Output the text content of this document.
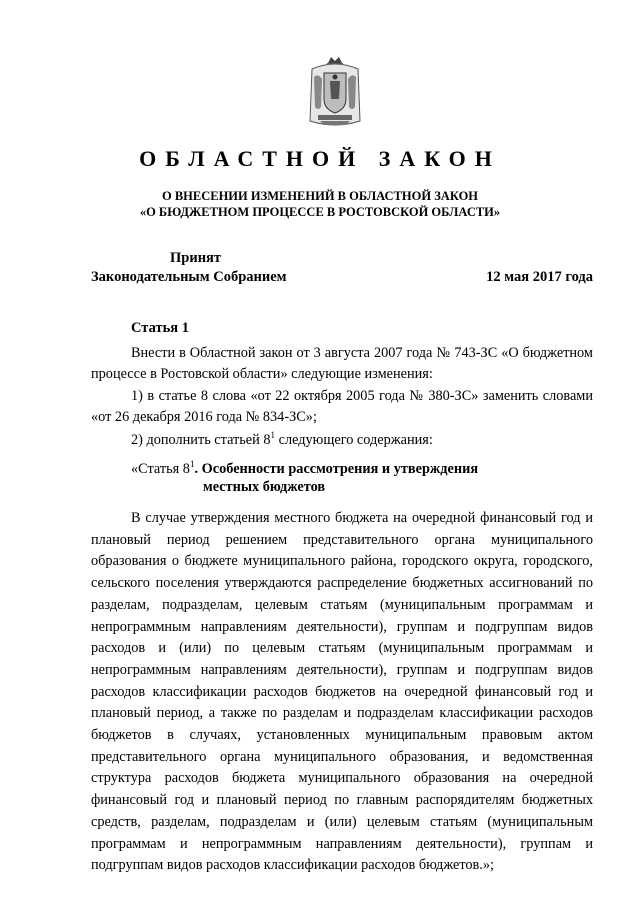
ОБЛАСТНОЙ ЗАКОН
О ВНЕСЕНИИ ИЗМЕНЕНИЙ В ОБЛАСТНОЙ ЗАКОН
«О БЮДЖЕТНОМ ПРОЦЕССЕ В РОСТОВСКОЙ ОБЛАСТИ»
Принят
Законодательным Собранием	12 мая 2017 года
Статья 1

Внести в Областной закон от 3 августа 2007 года № 743-ЗС «О бюджетном процессе в Ростовской области» следующие изменения:

1) в статье 8 слова «от 22 октября 2005 года № 380-ЗС» заменить словами «от 26 декабря 2016 года № 834-ЗС»;

2) дополнить статьей $8^1$ следующего содержания:

«Статья $8^1$. Особенности рассмотрения и утверждения
местных бюджетов

В случае утверждения местного бюджета на очередной финансовый год и плановый период решением представительного органа муниципального образования о бюджете муниципального района, городского округа, городского, сельского поселения утверждаются распределение бюджетных ассигнований по разделам, подразделам, целевым статьям (муниципальным программам и непрограммным направлениям деятельности), группам и подгруппам видов расходов и (или) по целевым статьям (муниципальным программам и непрограммным направлениям деятельности), группам и подгруппам видов расходов классификации расходов бюджетов на очередной финансовый год и плановый период, а также по разделам и подразделам классификации расходов бюджетов в случаях, установленных муниципальным правовым актом представительного органа муниципального образования, и ведомственная структура расходов бюджета муниципального образования на очередной финансовый год и плановый период по главным распорядителям бюджетных средств, разделам, подразделам и (или) целевым статьям (муниципальным программам и непрограммным направлениям деятельности), группам и подгруппам видов расходов классификации расходов бюджетов.»;
